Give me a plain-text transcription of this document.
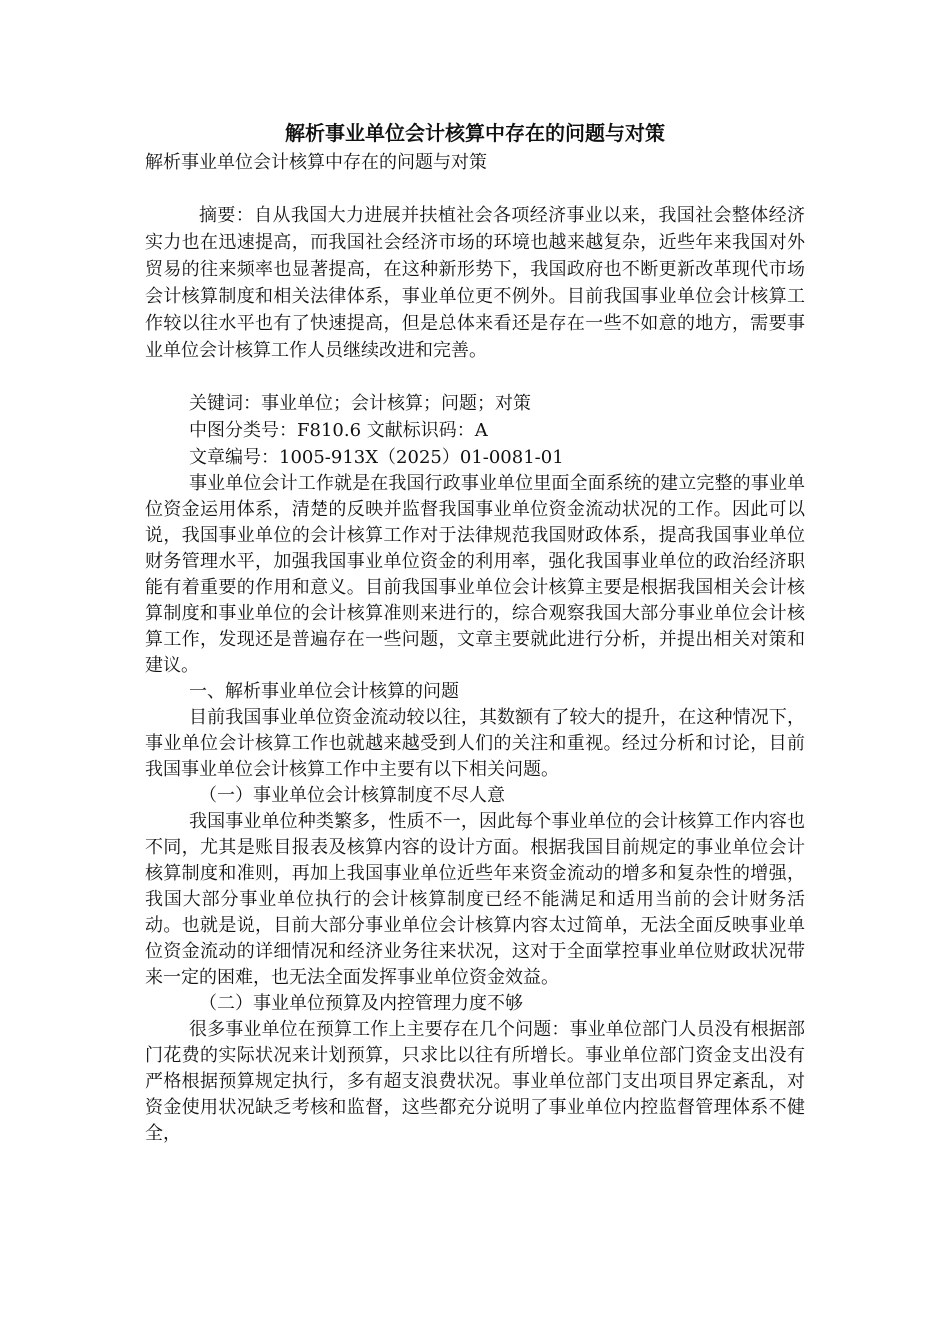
解析事业单位会计核算中存在的问题与对策
解析事业单位会计核算中存在的问题与对策

摘要：自从我国大力进展并扶植社会各项经济事业以来，我国社会整体经济实力也在迅速提高，而我国社会经济市场的环境也越来越复杂，近些年来我国对外贸易的往来频率也显著提高，在这种新形势下，我国政府也不断更新改革现代市场会计核算制度和相关法律体系，事业单位更不例外。目前我国事业单位会计核算工作较以往水平也有了快速提高，但是总体来看还是存在一些不如意的地方，需要事业单位会计核算工作人员继续改进和完善。

关键词：事业单位；会计核算；问题；对策

中图分类号：F810.6 文献标识码：A

文章编号：1005-913X（2025）01-0081-01

事业单位会计工作就是在我国行政事业单位里面全面系统的建立完整的事业单位资金运用体系，清楚的反映并监督我国事业单位资金流动状况的工作。因此可以说，我国事业单位的会计核算工作对于法律规范我国财政体系，提高我国事业单位财务管理水平，加强我国事业单位资金的利用率，强化我国事业单位的政治经济职能有着重要的作用和意义。目前我国事业单位会计核算主要是根据我国相关会计核算制度和事业单位的会计核算准则来进行的，综合观察我国大部分事业单位会计核算工作，发现还是普遍存在一些问题，文章主要就此进行分析，并提出相关对策和建议。

一、解析事业单位会计核算的问题

目前我国事业单位资金流动较以往，其数额有了较大的提升，在这种情况下，事业单位会计核算工作也就越来越受到人们的关注和重视。经过分析和讨论，目前我国事业单位会计核算工作中主要有以下相关问题。

（一）事业单位会计核算制度不尽人意

我国事业单位种类繁多，性质不一，因此每个事业单位的会计核算工作内容也不同，尤其是账目报表及核算内容的设计方面。根据我国目前规定的事业单位会计核算制度和准则，再加上我国事业单位近些年来资金流动的增多和复杂性的增强，我国大部分事业单位执行的会计核算制度已经不能满足和适用当前的会计财务活动。也就是说，目前大部分事业单位会计核算内容太过简单，无法全面反映事业单位资金流动的详细情况和经济业务往来状况，这对于全面掌控事业单位财政状况带来一定的困难，也无法全面发挥事业单位资金效益。

（二）事业单位预算及内控管理力度不够

很多事业单位在预算工作上主要存在几个问题：事业单位部门人员没有根据部门花费的实际状况来计划预算，只求比以往有所增长。事业单位部门资金支出没有严格根据预算规定执行，多有超支浪费状况。事业单位部门支出项目界定紊乱，对资金使用状况缺乏考核和监督，这些都充分说明了事业单位内控监督管理体系不健全，
